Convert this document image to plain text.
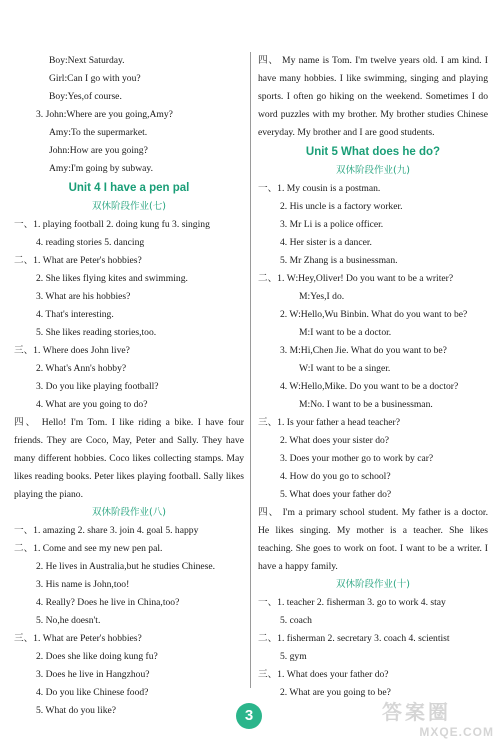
Boy:Next Saturday.
Girl:Can I go with you?
Boy:Yes,of course.
3. John:Where are you going,Amy?
Amy:To the supermarket.
John:How are you going?
Amy:I'm going by subway.
Unit 4 I have a pen pal
双休阶段作业(七)
一、1. playing football 2. doing kung fu 3. singing
4. reading stories 5. dancing
二、1. What are Peter's hobbies?
2. She likes flying kites and swimming.
3. What are his hobbies?
4. That's interesting.
5. She likes reading stories,too.
三、1. Where does John live?
2. What's Ann's hobby?
3. Do you like playing football?
4. What are you going to do?
四、 Hello! I'm Tom. I like riding a bike. I have four friends. They are Coco, May, Peter and Sally. They have many different hobbies. Coco likes collecting stamps. May likes reading books. Peter likes playing football. Sally likes playing the piano.
双休阶段作业(八)
一、1. amazing 2. share 3. join 4. goal 5. happy
二、1. Come and see my new pen pal.
2. He lives in Australia,but he studies Chinese.
3. His name is John,too!
4. Really? Does he live in China,too?
5. No,he doesn't.
三、1. What are Peter's hobbies?
2. Does she like doing kung fu?
3. Does he live in Hangzhou?
4. Do you like Chinese food?
5. What do you like?
四、 My name is Tom. I'm twelve years old. I am kind. I have many hobbies. I like swimming, singing and playing sports. I often go hiking on the weekend. Sometimes I do word puzzles with my brother. My brother studies Chinese everyday. My brother and I are good students.
Unit 5 What does he do?
双休阶段作业(九)
一、1. My cousin is a postman.
2. His uncle is a factory worker.
3. Mr Li is a police officer.
4. Her sister is a dancer.
5. Mr Zhang is a businessman.
二、1. W:Hey,Oliver! Do you want to be a writer?
M:Yes,I do.
2. W:Hello,Wu Binbin. What do you want to be?
M:I want to be a doctor.
3. M:Hi,Chen Jie. What do you want to be?
W:I want to be a singer.
4. W:Hello,Mike. Do you want to be a doctor?
M:No. I want to be a businessman.
三、1. Is your father a head teacher?
2. What does your sister do?
3. Does your mother go to work by car?
4. How do you go to school?
5. What does your father do?
四、 I'm a primary school student. My father is a doctor. He likes singing. My mother is a teacher. She likes teaching. She goes to work on foot. I want to be a writer. I have a happy family.
双休阶段作业(十)
一、1. teacher 2. fisherman 3. go to work 4. stay
5. coach
二、1. fisherman 2. secretary 3. coach 4. scientist
5. gym
三、1. What does your father do?
2. What are you going to be?
3	答案圈
MXQE.COM
